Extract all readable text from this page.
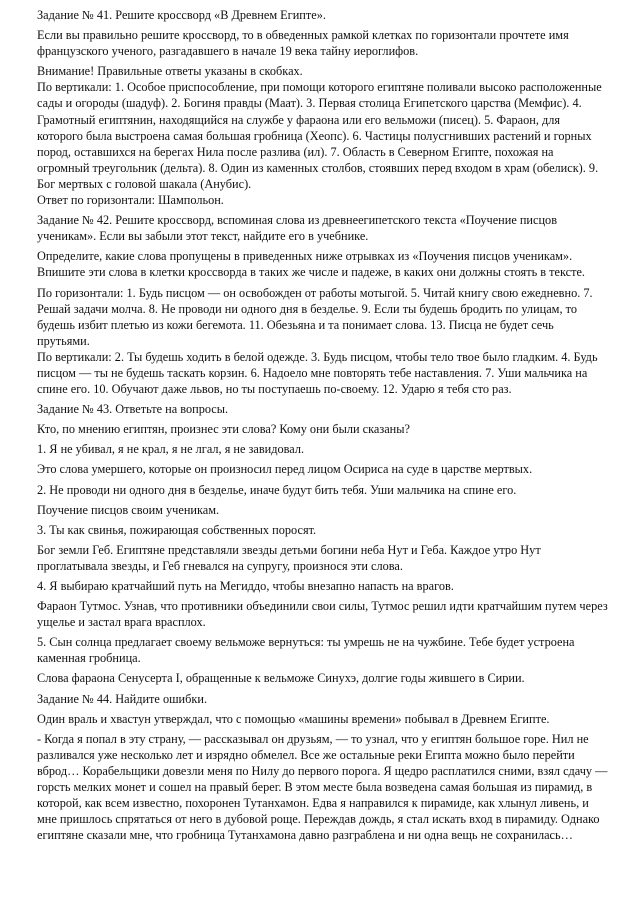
Задание № 41. Решите кроссворд «В Древнем Египте».

Если вы правильно решите кроссворд, то в обведенных рамкой клетках по горизонтали прочтете имя французского ученого, разгадавшего в начале 19 века тайну иероглифов.

Внимание! Правильные ответы указаны в скобках.

По вертикали: 1. Особое приспособление, при помощи которого египтяне поливали высоко расположенные сады и огороды (шадуф). 2. Богиня правды (Маат). 3. Первая столица Египетского царства (Мемфис). 4. Грамотный египтянин, находящийся на службе у фараона или его вельможи (писец). 5. Фараон, для которого была выстроена самая большая гробница (Хеопс). 6. Частицы полусгнивших растений и горных пород, оставшихся на берегах Нила после разлива (ил). 7. Область в Северном Египте, похожая на огромный треугольник (дельта). 8. Один из каменных столбов, стоявших перед входом в храм (обелиск). 9. Бог мертвых с головой шакала (Анубис).

Ответ по горизонтали: Шампольон.

Задание № 42. Решите кроссворд, вспоминая слова из древнеегипетского текста «Поучение писцов ученикам». Если вы забыли этот текст, найдите его в учебнике.

Определите, какие слова пропущены в приведенных ниже отрывках из «Поучения писцов ученикам». Впишите эти слова в клетки кроссворда в таких же числе и падеже, в каких они должны стоять в тексте.

По горизонтали: 1. Будь писцом — он освобожден от работы мотыгой. 5. Читай книгу свою ежедневно. 7. Решай задачи молча. 8. Не проводи ни одного дня в безделье. 9. Если ты будешь бродить по улицам, то будешь избит плетью из кожи бегемота. 11. Обезьяна и та понимает слова. 13. Писца не будет сечь прутьями.

По вертикали: 2. Ты будешь ходить в белой одежде. 3. Будь писцом, чтобы тело твое было гладким. 4. Будь писцом — ты не будешь таскать корзин. 6. Надоело мне повторять тебе наставления. 7. Уши мальчика на спине его. 10. Обучают даже львов, но ты поступаешь по-своему. 12. Ударю я тебя сто раз.

Задание № 43. Ответьте на вопросы.

Кто, по мнению египтян, произнес эти слова? Кому они были сказаны?

1. Я не убивал, я не крал, я не лгал, я не завидовал.

Это слова умершего, которые он произносил перед лицом Осириса на суде в царстве мертвых.

2. Не проводи ни одного дня в безделье, иначе будут бить тебя. Уши мальчика на спине его.

Поучение писцов своим ученикам.

3. Ты как свинья, пожирающая собственных поросят.

Бог земли Геб. Египтяне представляли звезды детьми богини неба Нут и Геба. Каждое утро Нут проглатывала звезды, и Геб гневался на супругу, произнося эти слова.

4. Я выбираю кратчайший путь на Мегиддо, чтобы внезапно напасть на врагов.

Фараон Тутмос. Узнав, что противники объединили свои силы, Тутмос решил идти кратчайшим путем через ущелье и застал врага врасплох.

5. Сын солнца предлагает своему вельможе вернуться: ты умрешь не на чужбине. Тебе будет устроена каменная гробница.

Слова фараона Сенусерта I, обращенные к вельможе Синухэ, долгие годы жившего в Сирии.

Задание № 44. Найдите ошибки.

Один враль и хвастун утверждал, что с помощью «машины времени» побывал в Древнем Египте.

- Когда я попал в эту страну, — рассказывал он друзьям, — то узнал, что у египтян большое горе. Нил не разливался уже несколько лет и изрядно обмелел. Все же остальные реки Египта можно было перейти вброд… Корабельщики довезли меня по Нилу до первого порога. Я щедро расплатился сними, взял сдачу — горсть мелких монет и сошел на правый берег. В этом месте была возведена самая большая из пирамид, в которой, как всем известно, похоронен Тутанхамон. Едва я направился к пирамиде, как хлынул ливень, и мне пришлось спрятаться от него в дубовой роще. Переждав дождь, я стал искать вход в пирамиду. Однако египтяне сказали мне, что гробница Тутанхамона давно разграблена и ни одна вещь не сохранилась…
